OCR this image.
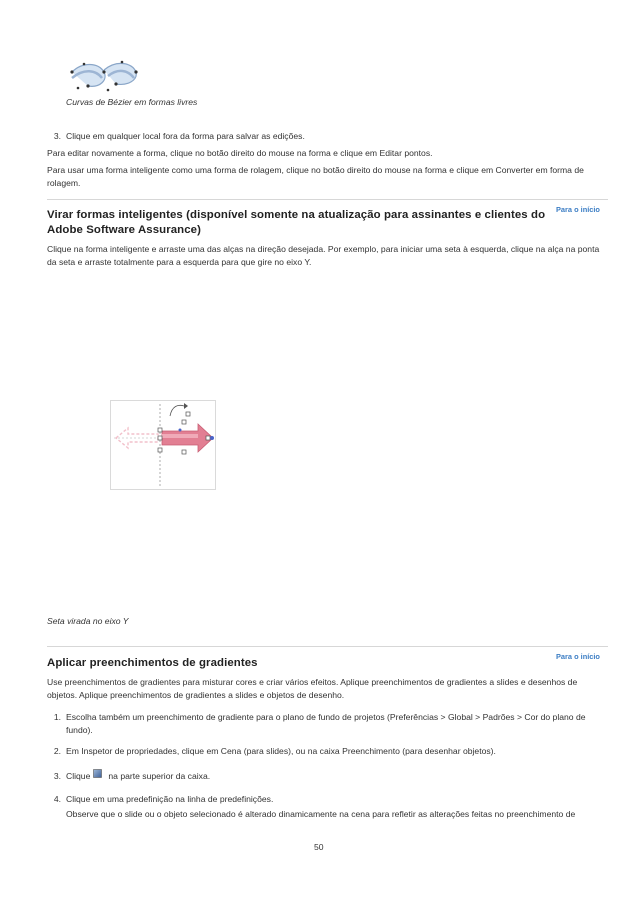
Curvas de Bézier em formas livres
3. Clique em qualquer local fora da forma para salvar as edições.
Para editar novamente a forma, clique no botão direito do mouse na forma e clique em Editar pontos.
Para usar uma forma inteligente como uma forma de rolagem, clique no botão direito do mouse na forma e clique em Converter em forma de
rolagem.
Para o início
Virar formas inteligentes (disponível somente na atualização para assinantes e clientes do
Adobe Software Assurance)
Clique na forma inteligente e arraste uma das alças na direção desejada. Por exemplo, para iniciar uma seta à esquerda, clique na alça na ponta
da seta e arraste totalmente para a esquerda para que gire no eixo Y.
Seta virada no eixo Y
Para o início
Aplicar preenchimentos de gradientes
Use preenchimentos de gradientes para misturar cores e criar vários efeitos. Aplique preenchimentos de gradientes a slides e desenhos de
objetos. Aplique preenchimentos de gradientes a slides e objetos de desenho.
1. Escolha também um preenchimento de gradiente para o plano de fundo de projetos (Preferências > Global > Padrões > Cor do plano de
fundo).
2. Em Inspetor de propriedades, clique em Cena (para slides), ou na caixa Preenchimento (para desenhar objetos).
3. Clique na parte superior da caixa.
4. Clique em uma predefinição na linha de predefinições.
Observe que o slide ou o objeto selecionado é alterado dinamicamente na cena para refletir as alterações feitas no preenchimento de
50
